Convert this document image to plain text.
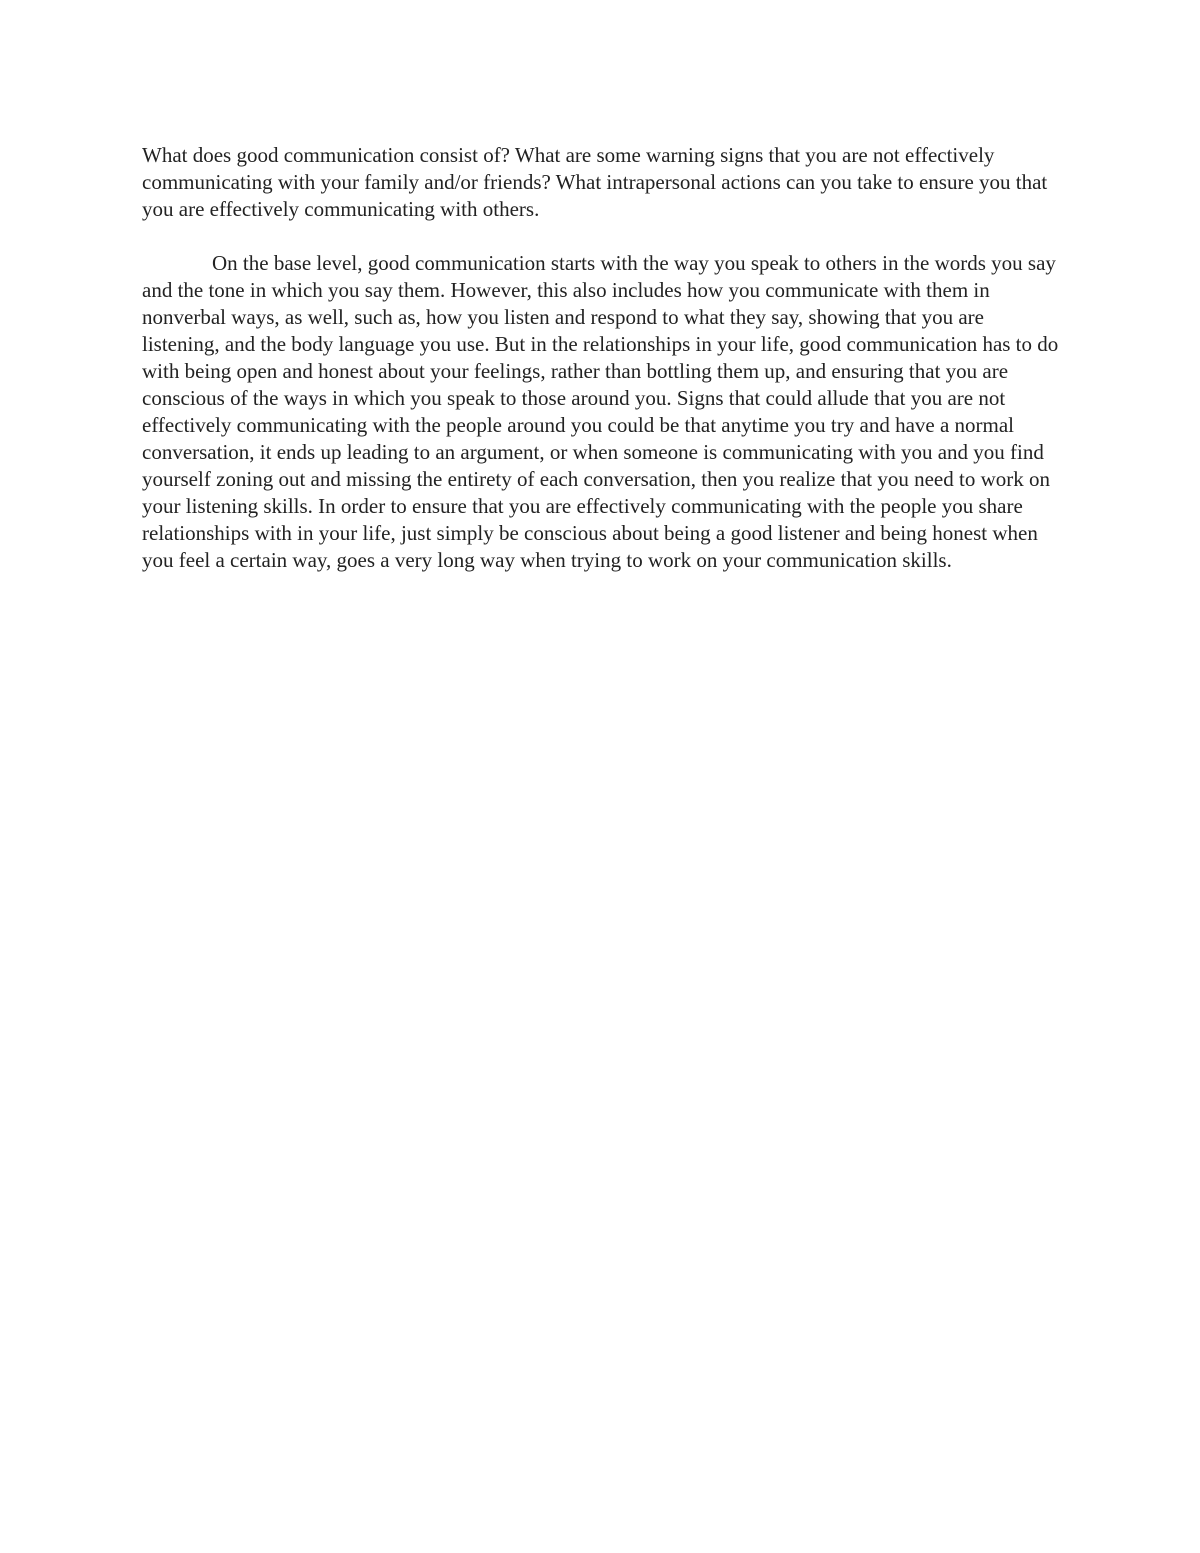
What does good communication consist of? What are some warning signs that you are not effectively communicating with your family and/or friends? What intrapersonal actions can you take to ensure you that you are effectively communicating with others.

On the base level, good communication starts with the way you speak to others in the words you say and the tone in which you say them. However, this also includes how you communicate with them in nonverbal ways, as well, such as, how you listen and respond to what they say, showing that you are listening, and the body language you use. But in the relationships in your life, good communication has to do with being open and honest about your feelings, rather than bottling them up, and ensuring that you are conscious of the ways in which you speak to those around you. Signs that could allude that you are not effectively communicating with the people around you could be that anytime you try and have a normal conversation, it ends up leading to an argument, or when someone is communicating with you and you find yourself zoning out and missing the entirety of each conversation, then you realize that you need to work on your listening skills. In order to ensure that you are effectively communicating with the people you share relationships with in your life, just simply be conscious about being a good listener and being honest when you feel a certain way, goes a very long way when trying to work on your communication skills.
